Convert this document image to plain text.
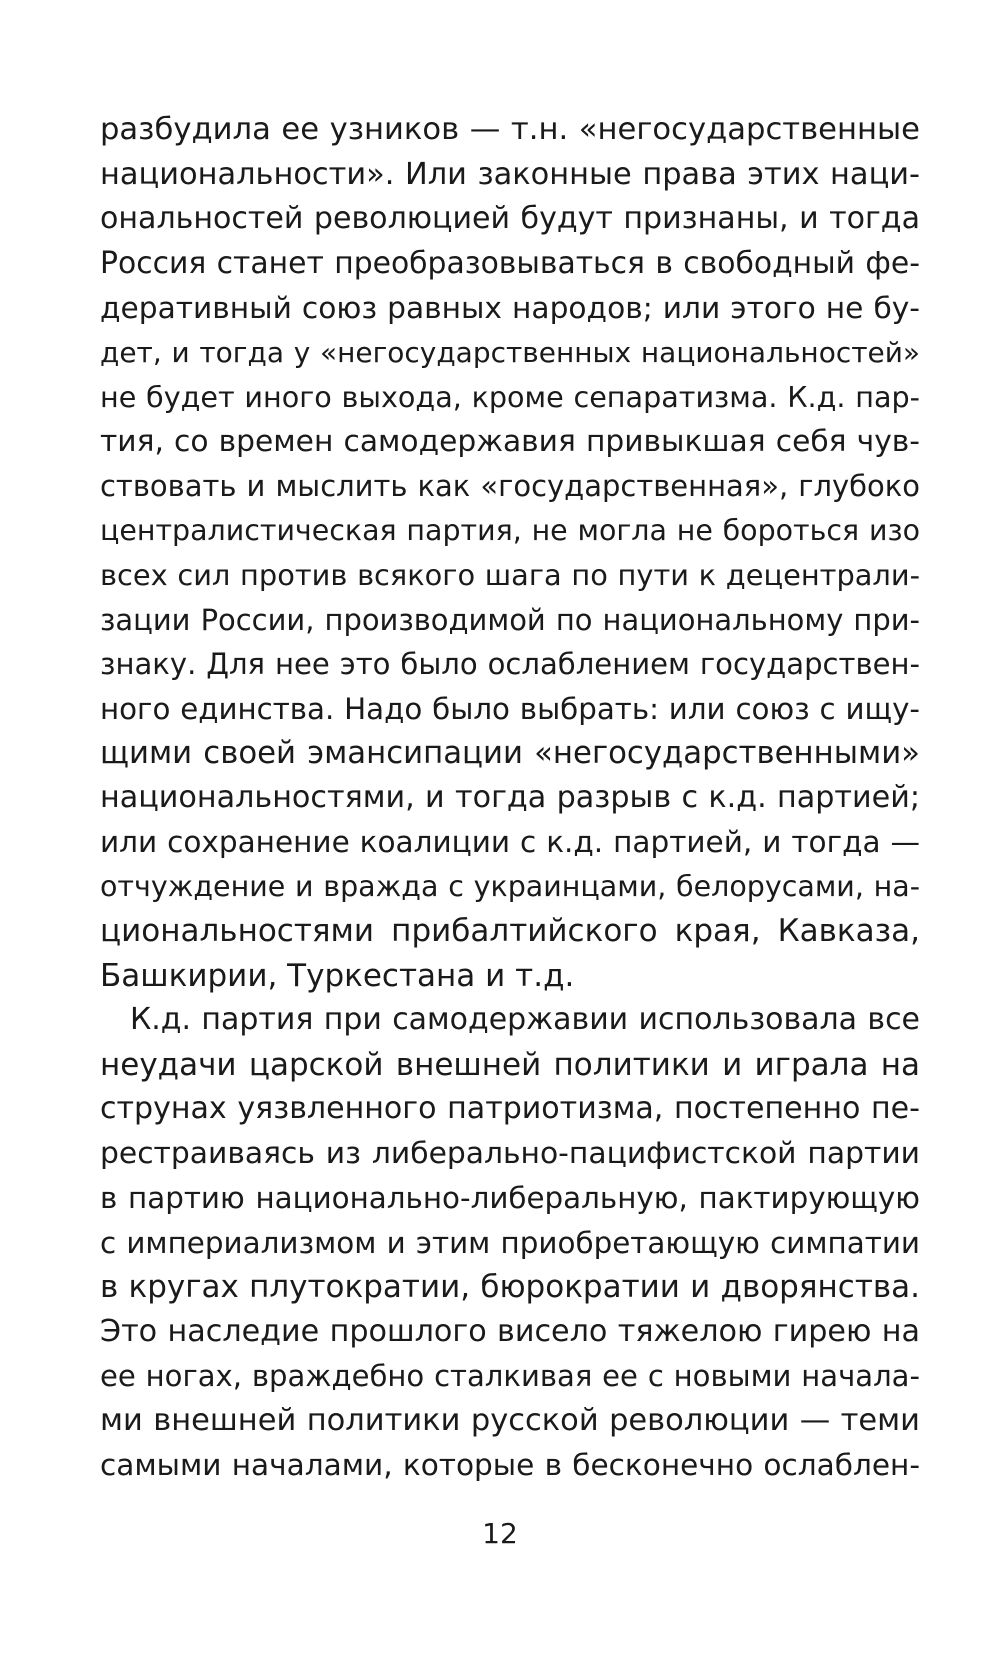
разбудила ее узников — т.н. «негосударственные
национальности». Или законные права этих наци-
ональностей революцией будут признаны, и тогда
Россия станет преобразовываться в свободный фе-
деративный союз равных народов; или этого не бу-
дет, и тогда у «негосударственных национальностей»
не будет иного выхода, кроме сепаратизма. К.д. пар-
тия, со времен самодержавия привыкшая себя чув-
ствовать и мыслить как «государственная», глубоко
централистическая партия, не могла не бороться изо
всех сил против всякого шага по пути к децентрали-
зации России, производимой по национальному при-
знаку. Для нее это было ослаблением государствен-
ного единства. Надо было выбрать: или союз с ищу-
щими своей эмансипации «негосударственными»
национальностями, и тогда разрыв с к.д. партией;
или сохранение коалиции с к.д. партией, и тогда —
отчуждение и вражда с украинцами, белорусами, на-
циональностями прибалтийского края, Кавказа,
Башкирии, Туркестана и т.д.
К.д. партия при самодержавии использовала все
неудачи царской внешней политики и играла на
струнах уязвленного патриотизма, постепенно пе-
рестраиваясь из либерально-пацифистской партии
в партию национально-либеральную, пактирующую
с империализмом и этим приобретающую симпатии
в кругах плутократии, бюрократии и дворянства.
Это наследие прошлого висело тяжелою гирею на
ее ногах, враждебно сталкивая ее с новыми начала-
ми внешней политики русской революции — теми
самыми началами, которые в бесконечно ослаблен-
12
